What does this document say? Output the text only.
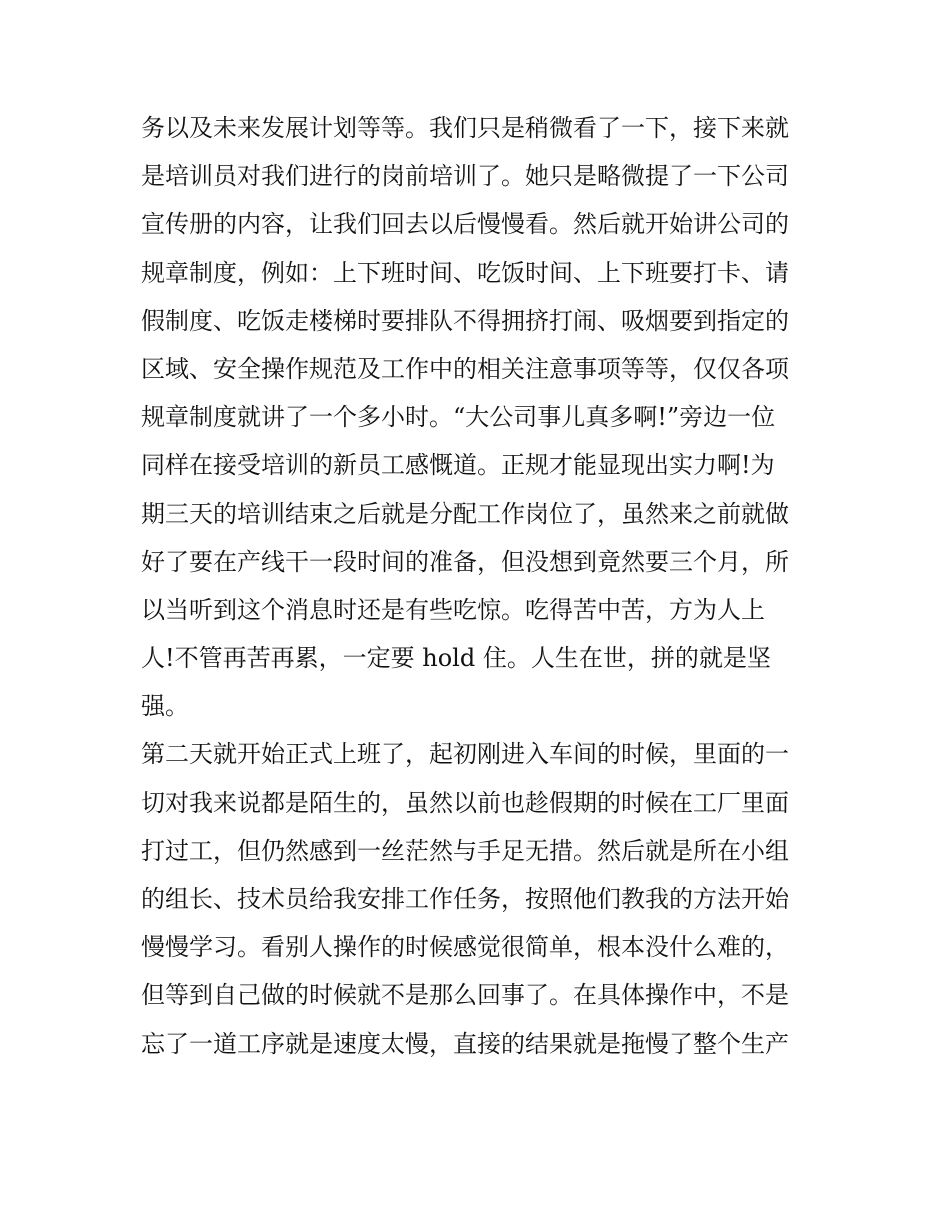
务以及未来发展计划等等。我们只是稍微看了一下，接下来就
是培训员对我们进行的岗前培训了。她只是略微提了一下公司
宣传册的内容，让我们回去以后慢慢看。然后就开始讲公司的
规章制度，例如：上下班时间、吃饭时间、上下班要打卡、请
假制度、吃饭走楼梯时要排队不得拥挤打闹、吸烟要到指定的
区域、安全操作规范及工作中的相关注意事项等等，仅仅各项
规章制度就讲了一个多小时。“大公司事儿真多啊!”旁边一位
同样在接受培训的新员工感慨道。正规才能显现出实力啊!为
期三天的培训结束之后就是分配工作岗位了，虽然来之前就做
好了要在产线干一段时间的准备，但没想到竟然要三个月，所
以当听到这个消息时还是有些吃惊。吃得苦中苦，方为人上
人!不管再苦再累，一定要 hold 住。人生在世，拼的就是坚
强。
第二天就开始正式上班了，起初刚进入车间的时候，里面的一
切对我来说都是陌生的，虽然以前也趁假期的时候在工厂里面
打过工，但仍然感到一丝茫然与手足无措。然后就是所在小组
的组长、技术员给我安排工作任务，按照他们教我的方法开始
慢慢学习。看别人操作的时候感觉很简单，根本没什么难的，
但等到自己做的时候就不是那么回事了。在具体操作中，不是
忘了一道工序就是速度太慢，直接的结果就是拖慢了整个生产
